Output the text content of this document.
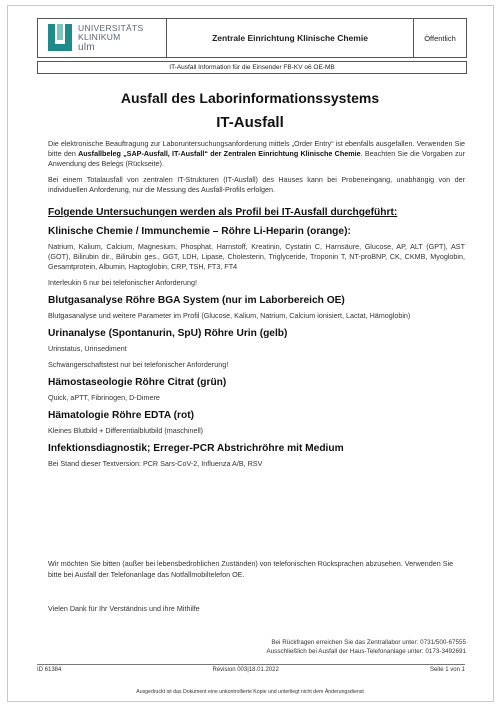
UNIVERSITÄTS
KLINIKUM
ulm
Zentrale Einrichtung Klinische Chemie	Öffentlich
IT-Ausfall Information für die Einsender FB-KV o6 OE-MB
Ausfall des Laborinformationssystems
IT-Ausfall

Die elektronische Beauftragung zur Laboruntersuchungsanforderung mittels „Order Entry“ ist ebenfalls ausgefallen. Verwenden Sie bitte den Ausfallbeleg „SAP-Ausfall, IT-Ausfall“ der Zentralen Einrichtung Klinische Chemie. Beachten Sie die Vorgaben zur Anwendung des Belegs (Rückseite).

Bei einem Totalausfall von zentralen IT-Strukturen (IT-Ausfall) des Hauses kann bei Probeneingang, unabhängig von der individuellen Anforderung, nur die Messung des Ausfall-Profils erfolgen.

Folgende Untersuchungen werden als Profil bei IT-Ausfall durchgeführt:
Klinische Chemie / Immunchemie – Röhre Li-Heparin (orange):

Natrium, Kalium, Calcium, Magnesium, Phosphat, Harnstoff, Kreatinin, Cystatin C, Harnsäure, Glucose, AP, ALT (GPT), AST (GOT), Bilirubin dir., Bilirubin ges., GGT, LDH, Lipase, Cholesterin, Triglyceride, Troponin T, NT-proBNP, CK, CKMB, Myoglobin, Gesamtprotein, Albumin, Haptoglobin, CRP, TSH, FT3, FT4

Interleukin 6 nur bei telefonischer Anforderung!

Blutgasanalyse Röhre BGA System (nur im Laborbereich OE)

Blutgasanalyse und weitere Parameter im Profil (Glucose, Kalium, Natrium, Calcium ionisiert, Lactat, Hämoglobin)

Urinanalyse (Spontanurin, SpU) Röhre Urin (gelb)

Urinstatus, Urinsediment

Schwangerschaftstest nur bei telefonischer Anforderung!

Hämostaseologie Röhre Citrat (grün)

Quick, aPTT, Fibrinogen, D-Dimere

Hämatologie Röhre EDTA (rot)

Kleines Blutbild + Differentialblutbild (maschinell)

Infektionsdiagnostik; Erreger-PCR Abstrichröhre mit Medium

Bei Stand dieser Textversion: PCR Sars-CoV-2, Influenza A/B, RSV

Wir möchten Sie bitten (außer bei lebensbedrohlichen Zuständen) von telefonischen Rücksprachen abzusehen. Verwenden Sie bitte bei Ausfall der Telefonanlage das Notfallmobiltelefon OE.
Vielen Dank für Ihr Verständnis und ihre Mithilfe
Bei Rückfragen erreichen Sie das Zentrallabor unter: 0731/500-67555
Ausschließlich bei Ausfall der Haus-Telefonanlage unter: 0173-3492691
ID 61384	Revision 003|18.01.2022	Seite 1 von 1
Ausgedruckt ist das Dokument eine unkontrollierte Kopie und unterliegt nicht dem Änderungsdienst
